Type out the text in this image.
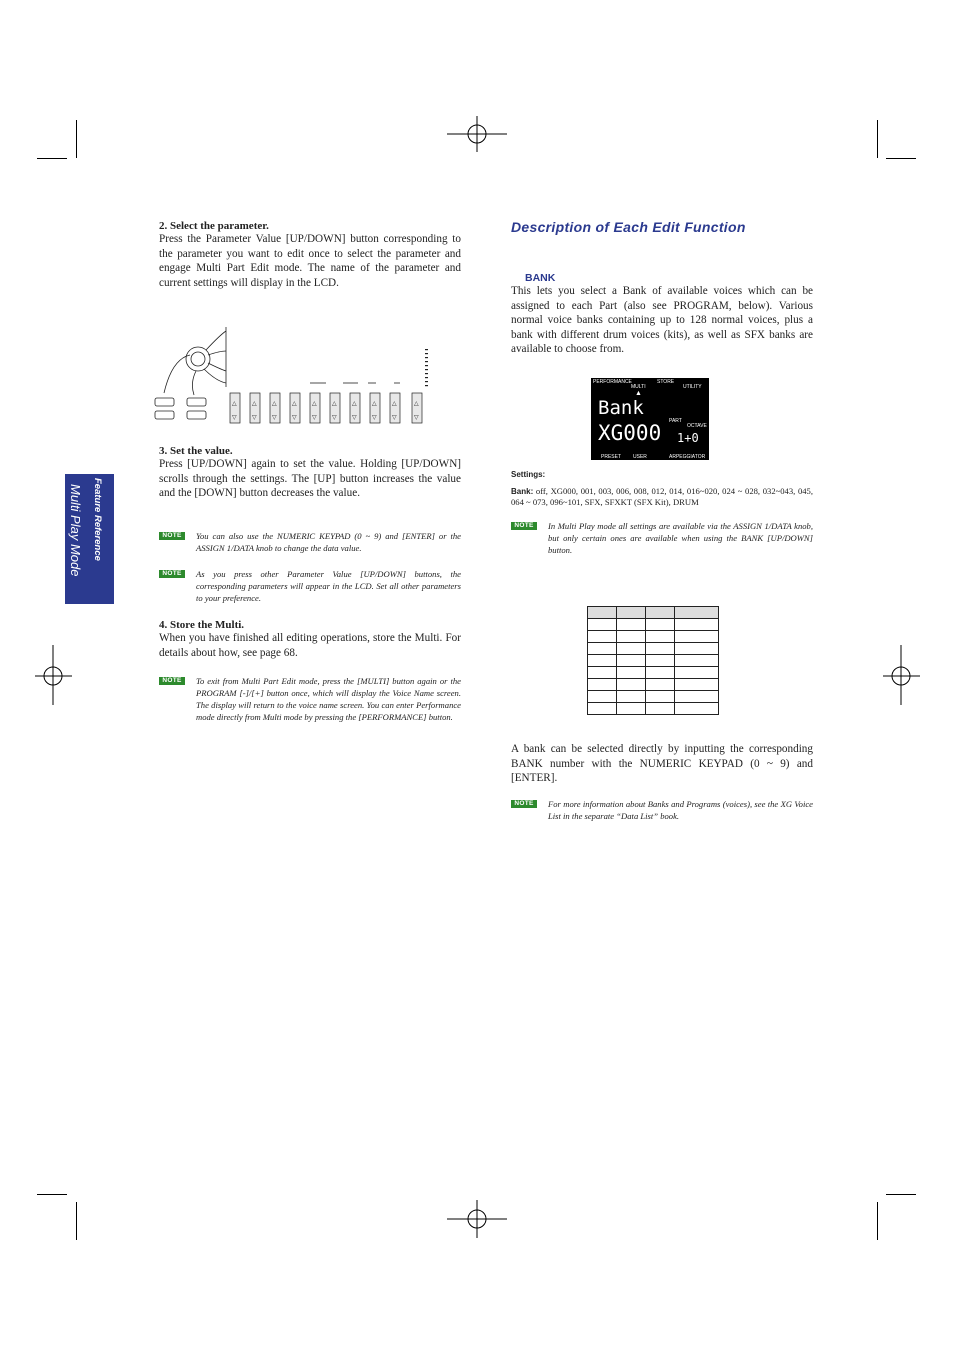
Feature Reference
Multi Play Mode
2. Select the parameter.

Press the Parameter Value [UP/DOWN] button corresponding to the parameter you want to edit once to select the parameter and engage Multi Part Edit mode. The name of the parameter and current settings will display in the LCD.

△
▽
△
▽
△
▽
△
▽
△
▽
△
▽
△
▽
△
▽
△
▽
△
▽
3. Set the value.

Press [UP/DOWN] again to set the value. Holding [UP/DOWN] scrolls through the settings. The [UP] button increases the value and the [DOWN] button decreases the value.

NOTE	You can also use the NUMERIC KEYPAD (0 ~ 9) and [ENTER] or the ASSIGN 1/DATA knob to change the data value.
NOTE	As you press other Parameter Value [UP/DOWN] buttons, the corresponding parameters will appear in the LCD. Set all other parameters to your preference.
4. Store the Multi.

When you have finished all editing operations, store the Multi. For details about how, see page 68.

NOTE	To exit from Multi Part Edit mode, press the [MULTI] button again or the PROGRAM [-]/[+] button once, which will display the Voice Name screen. The display will return to the voice name screen. You can enter Performance mode directly from Multi mode by pressing the [PERFORMANCE] button.
Description of Each Edit Function
BANK

This lets you select a Bank of available voices which can be assigned to each Part (also see PROGRAM, below). Various normal voice banks containing up to 128 normal voices, plus a bank with different drum voices (kits), as well as SFX banks are available to choose from.

PERFORMANCE	STORE
MULTI	UTILITY
▲
Bank
PART
OCTAVE
XG000 1+0
PRESET USER	ARPEGGIATOR
Settings:
Bank: off, XG000, 001, 003, 006, 008, 012, 014, 016~020, 024 ~ 028, 032~043, 045, 064 ~ 073, 096~101, SFX, SFXKT (SFX Kit), DRUM
NOTE	In Multi Play mode all settings are available via the ASSIGN 1/DATA knob, but only certain ones are available when using the BANK [UP/DOWN] button.

A bank can be selected directly by inputting the corresponding BANK number with the NUMERIC KEYPAD (0 ~ 9) and [ENTER].

NOTE	For more information about Banks and Programs (voices), see the XG Voice List in the separate “Data List” book.
